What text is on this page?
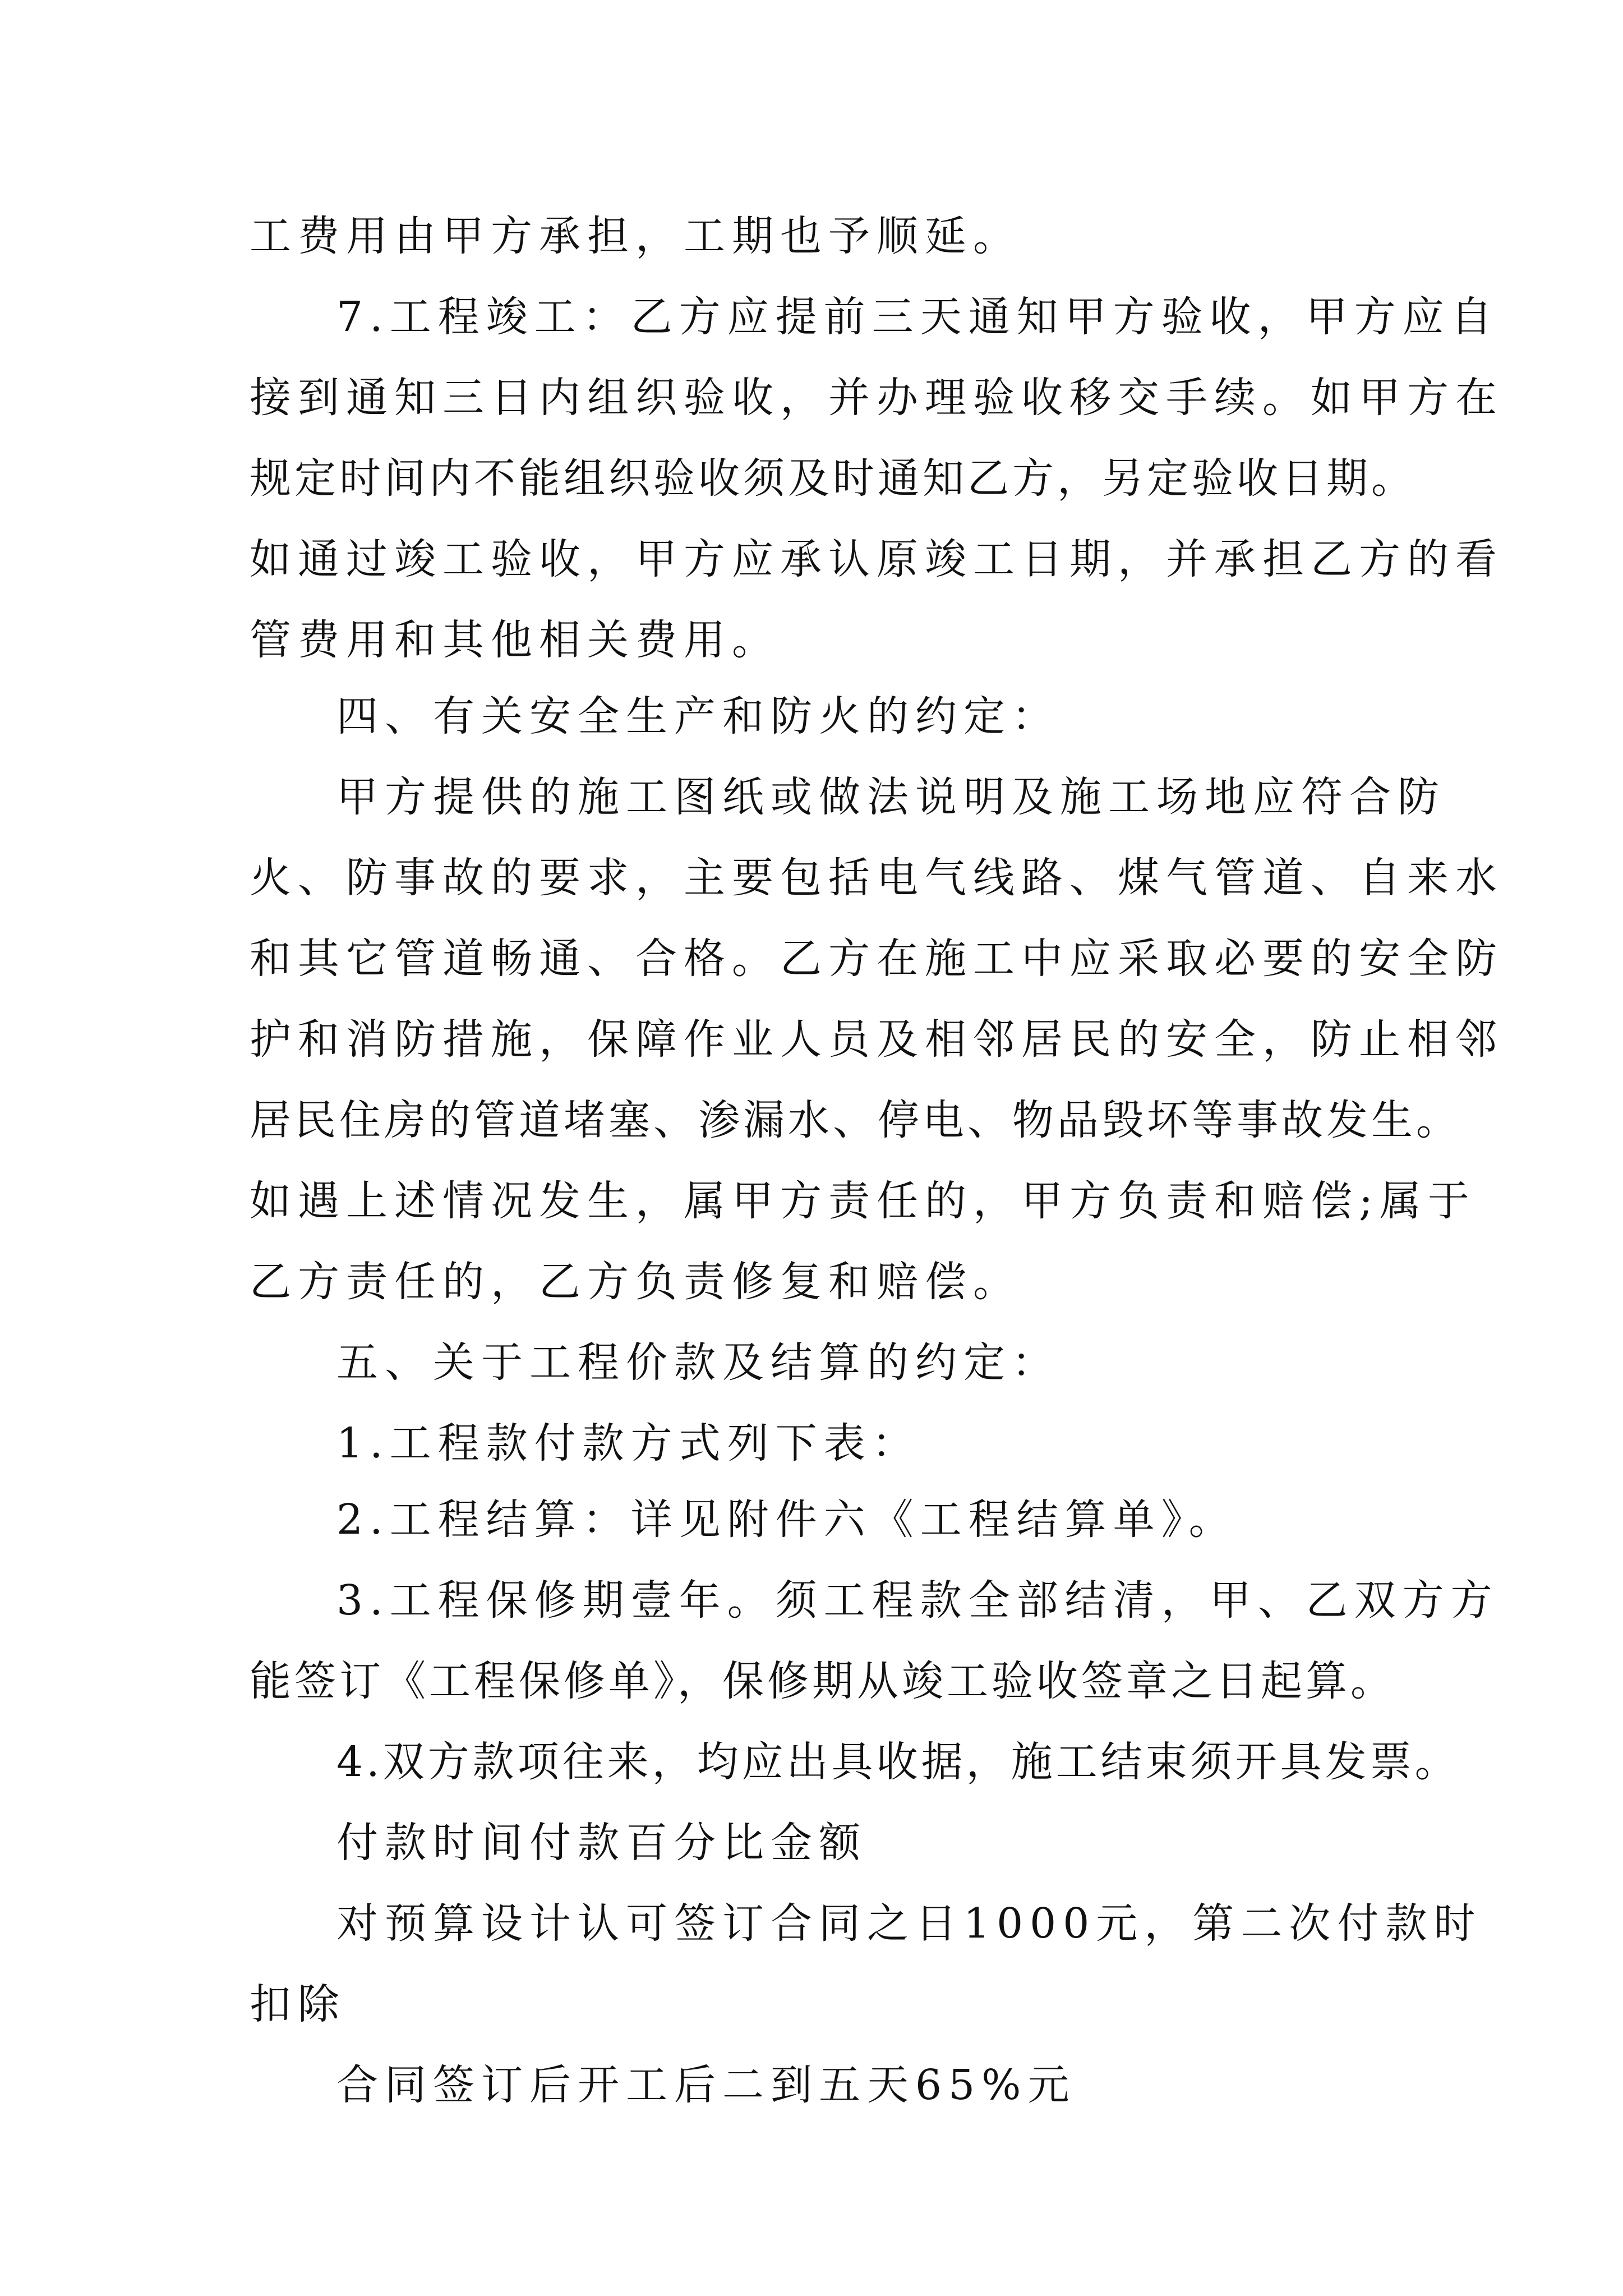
工费用由甲方承担，工期也予顺延。

7.工程竣工：乙方应提前三天通知甲方验收，甲方应自

接到通知三日内组织验收，并办理验收移交手续。如甲方在

规定时间内不能组织验收须及时通知乙方，另定验收日期。

如通过竣工验收，甲方应承认原竣工日期，并承担乙方的看

管费用和其他相关费用。

四、有关安全生产和防火的约定：

甲方提供的施工图纸或做法说明及施工场地应符合防

火、防事故的要求，主要包括电气线路、煤气管道、自来水

和其它管道畅通、合格。乙方在施工中应采取必要的安全防

护和消防措施，保障作业人员及相邻居民的安全，防止相邻

居民住房的管道堵塞、渗漏水、停电、物品毁坏等事故发生。

如遇上述情况发生，属甲方责任的，甲方负责和赔偿;属于

乙方责任的，乙方负责修复和赔偿。

五、关于工程价款及结算的约定：

1.工程款付款方式列下表：

2.工程结算：详见附件六《工程结算单》。

3.工程保修期壹年。须工程款全部结清，甲、乙双方方

能签订《工程保修单》，保修期从竣工验收签章之日起算。

4.双方款项往来，均应出具收据，施工结束须开具发票。

付款时间付款百分比金额

对预算设计认可签订合同之日1000元，第二次付款时

扣除

合同签订后开工后二到五天65%元
